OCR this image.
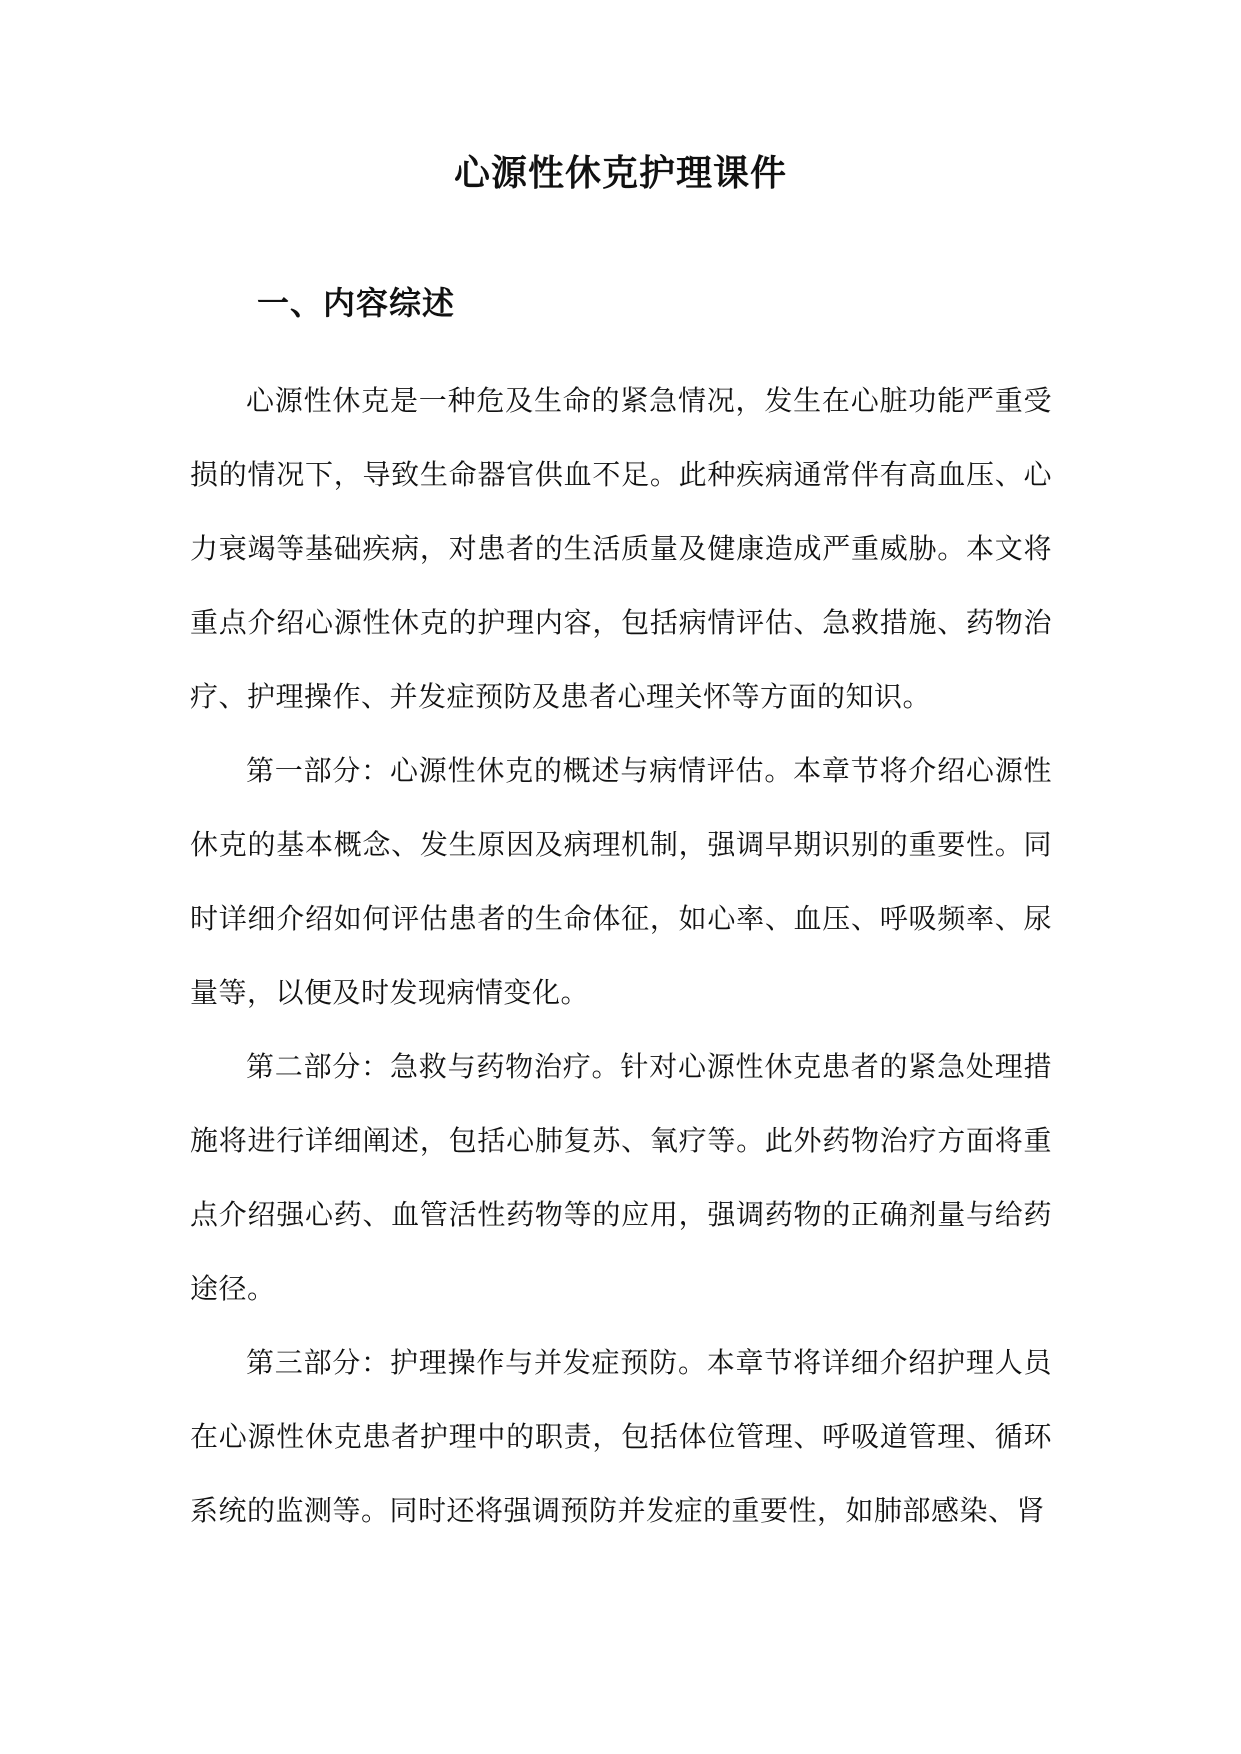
心源性休克护理课件
一、内容综述

心源性休克是一种危及生命的紧急情况，发生在心脏功能严重受损的情况下，导致生命器官供血不足。此种疾病通常伴有高血压、心力衰竭等基础疾病，对患者的生活质量及健康造成严重威胁。本文将重点介绍心源性休克的护理内容，包括病情评估、急救措施、药物治疗、护理操作、并发症预防及患者心理关怀等方面的知识。

第一部分：心源性休克的概述与病情评估。本章节将介绍心源性休克的基本概念、发生原因及病理机制，强调早期识别的重要性。同时详细介绍如何评估患者的生命体征，如心率、血压、呼吸频率、尿量等，以便及时发现病情变化。

第二部分：急救与药物治疗。针对心源性休克患者的紧急处理措施将进行详细阐述，包括心肺复苏、氧疗等。此外药物治疗方面将重点介绍强心药、血管活性药物等的应用，强调药物的正确剂量与给药途径。

第三部分：护理操作与并发症预防。本章节将详细介绍护理人员在心源性休克患者护理中的职责，包括体位管理、呼吸道管理、循环系统的监测等。同时还将强调预防并发症的重要性，如肺部感染、肾
